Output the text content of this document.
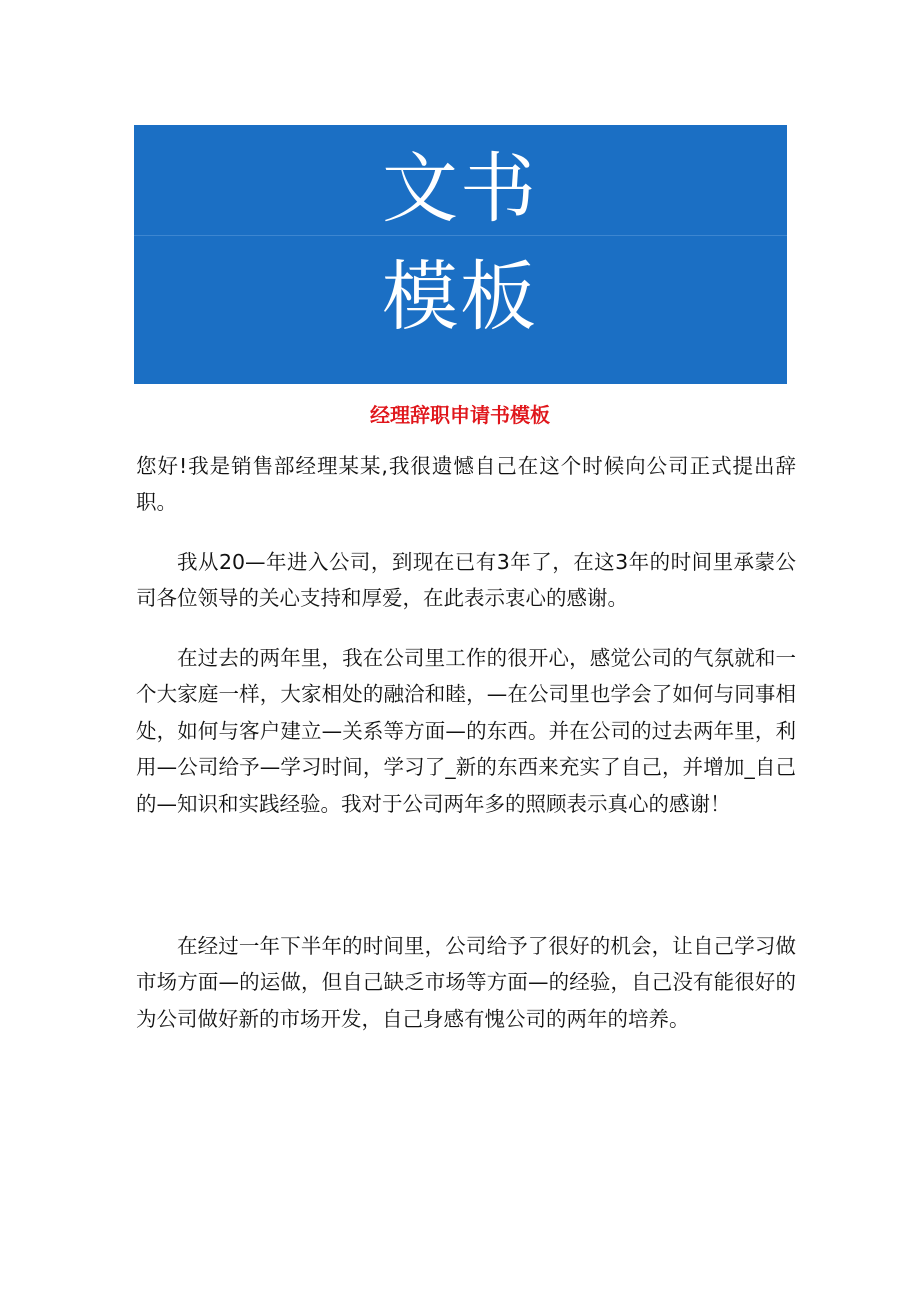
文书
模板
经理辞职申请书模板

您好!我是销售部经理某某,我很遗憾自己在这个时候向公司正式提出辞职。

我从20—年进入公司，到现在已有3年了，在这3年的时间里承蒙公司各位领导的关心支持和厚爱，在此表示衷心的感谢。

在过去的两年里，我在公司里工作的很开心，感觉公司的气氛就和一个大家庭一样，大家相处的融洽和睦，—在公司里也学会了如何与同事相处，如何与客户建立—关系等方面—的东西。并在公司的过去两年里，利用—公司给予—学习时间，学习了_新的东西来充实了自己，并增加_自己的—知识和实践经验。我对于公司两年多的照顾表示真心的感谢！

在经过一年下半年的时间里，公司给予了很好的机会，让自己学习做市场方面—的运做，但自己缺乏市场等方面—的经验，自己没有能很好的为公司做好新的市场开发，自己身感有愧公司的两年的培养。
